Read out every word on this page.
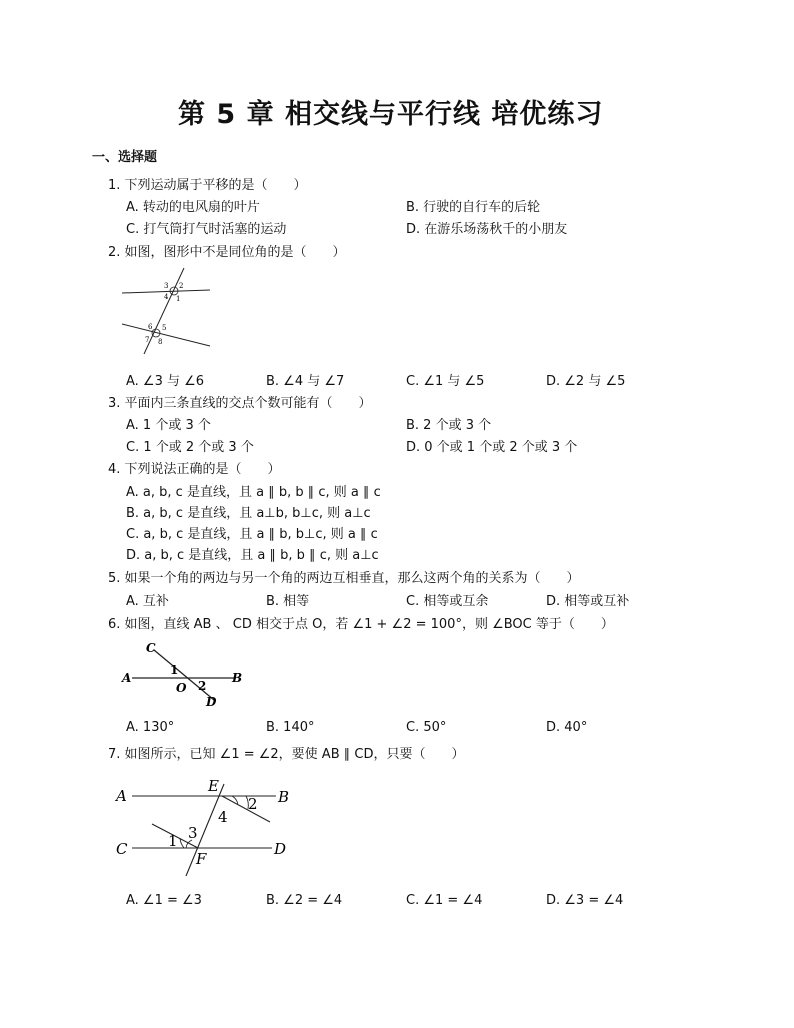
第 5 章 相交线与平行线 培优练习
一、选择题
1. 下列运动属于平移的是（　　）
A. 转动的电风扇的叶片	B. 行驶的自行车的后轮
C. 打气筒打气时活塞的运动	D. 在游乐场荡秋千的小朋友
2. 如图，图形中不是同位角的是（　　）
3 2
4 1
6 5
7 8
A. ∠3 与 ∠6	B. ∠4 与 ∠7	C. ∠1 与 ∠5	D. ∠2 与 ∠5
3. 平面内三条直线的交点个数可能有（　　）
A. 1 个或 3 个	B. 2 个或 3 个
C. 1 个或 2 个或 3 个	D. 0 个或 1 个或 2 个或 3 个
4. 下列说法正确的是（　　）
A. a, b, c 是直线，且 a ∥ b, b ∥ c, 则 a ∥ c
B. a, b, c 是直线，且 a⊥b, b⊥c, 则 a⊥c
C. a, b, c 是直线，且 a ∥ b, b⊥c, 则 a ∥ c
D. a, b, c 是直线，且 a ∥ b, b ∥ c, 则 a⊥c
5. 如果一个角的两边与另一个角的两边互相垂直，那么这两个角的关系为（　　）
A. 互补	B. 相等	C. 相等或互余	D. 相等或互补
6. 如图，直线 AB 、 CD 相交于点 O，若 ∠1 + ∠2 = 100°，则 ∠BOC 等于（　　）
C
1
A
O 2
B
D
A. 130°	B. 140°	C. 50°	D. 40°
7. 如图所示，已知 ∠1 = ∠2，要使 AB ∥ CD，只要（　　）
A
E
2 B
4
3
1
C
F
D
A. ∠1 = ∠3	B. ∠2 = ∠4	C. ∠1 = ∠4	D. ∠3 = ∠4
